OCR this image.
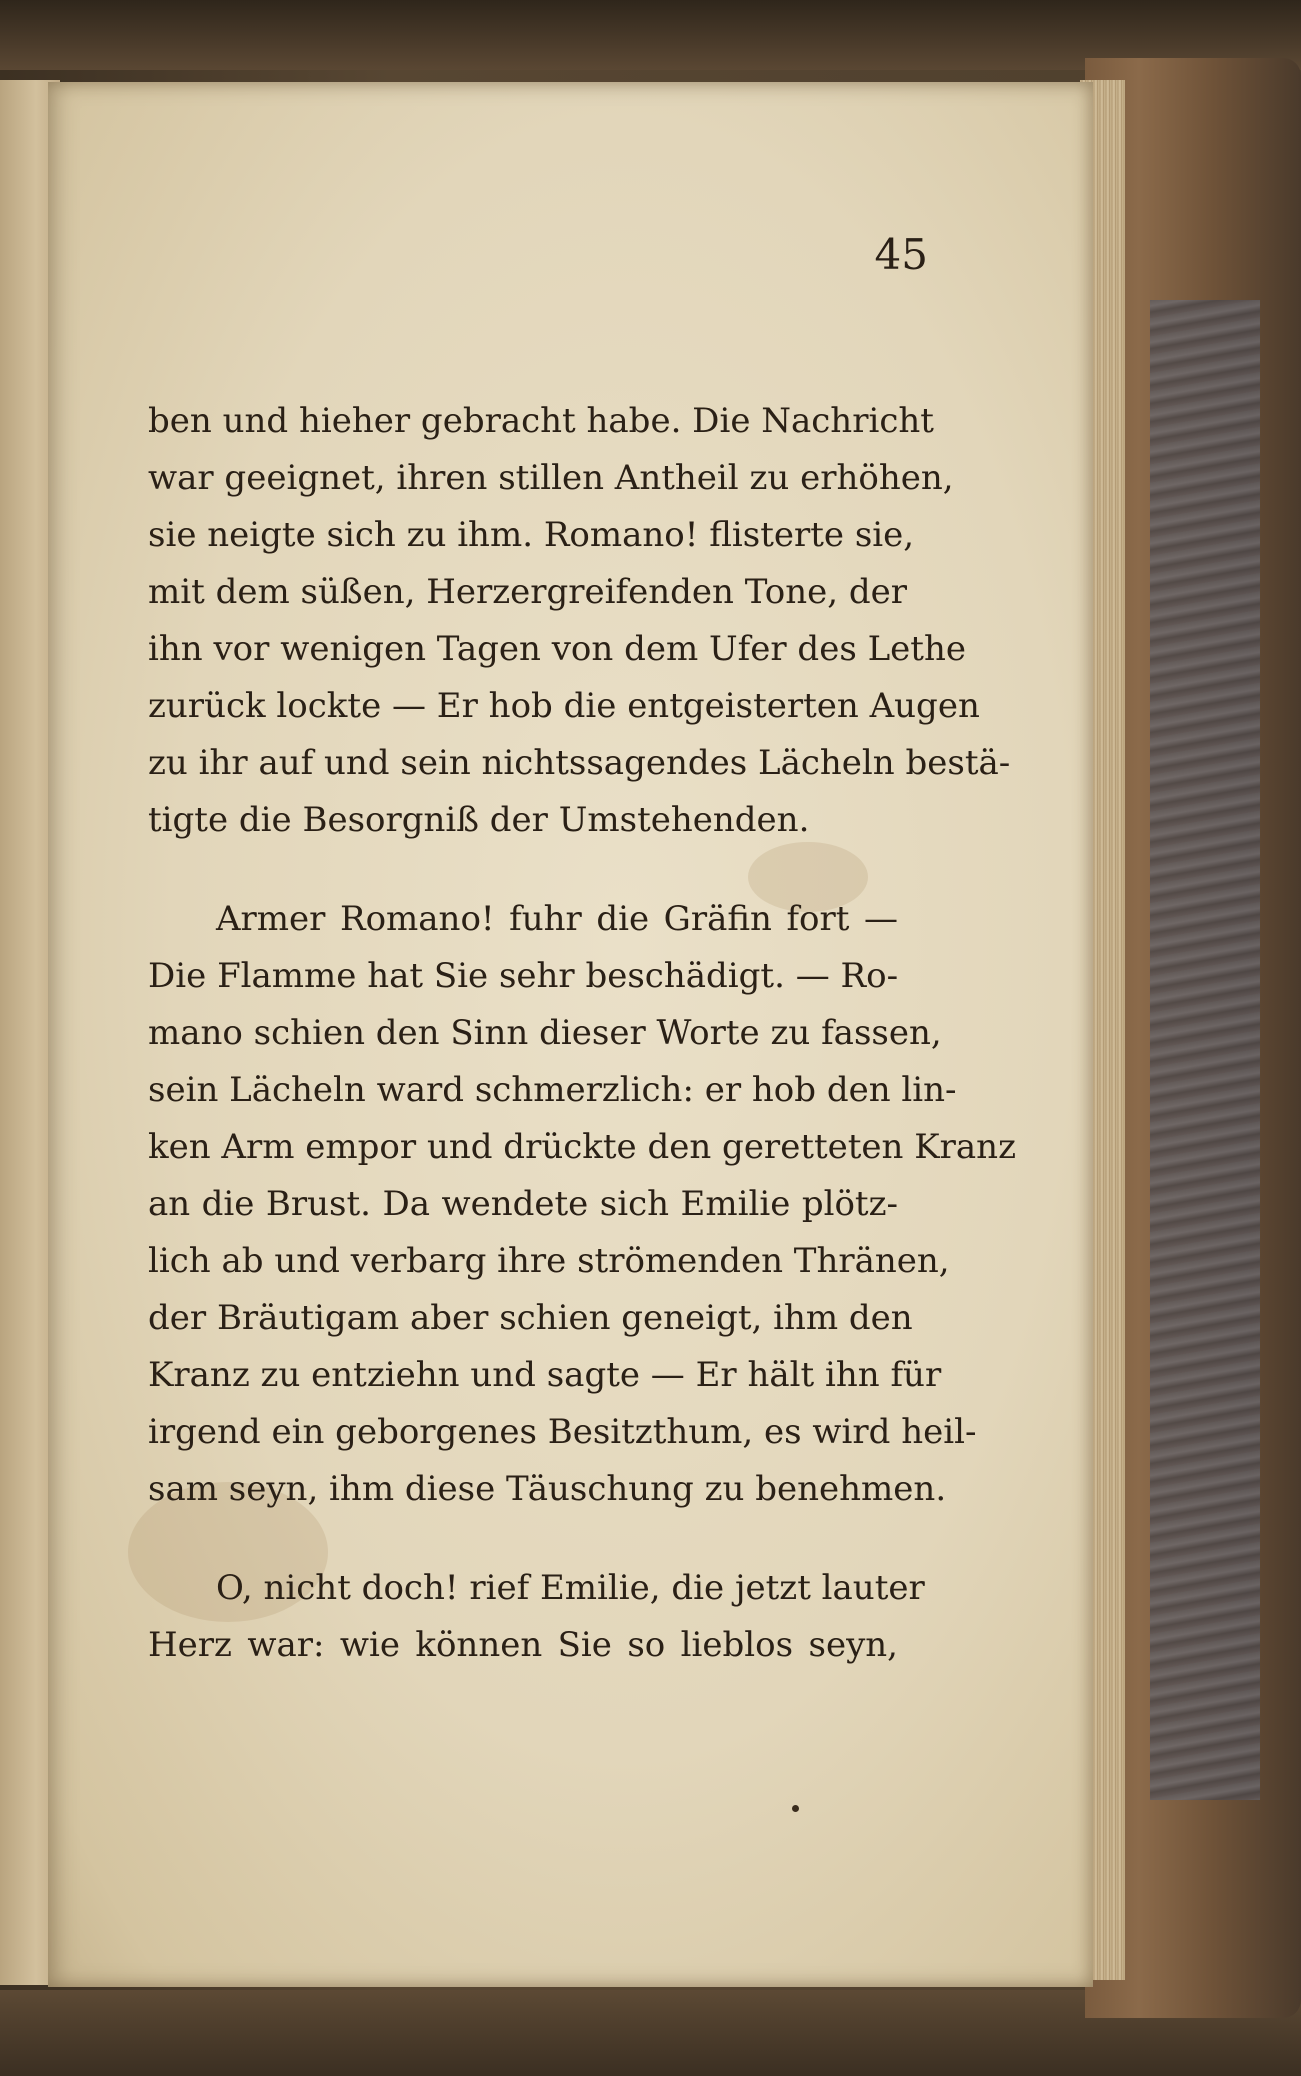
45
ben und hieher gebracht habe. Die Nachricht
war geeignet, ihren stillen Antheil zu erhöhen,
sie neigte sich zu ihm. Romano! flisterte sie,
mit dem süßen, Herzergreifenden Tone, der
ihn vor wenigen Tagen von dem Ufer des Lethe
zurück lockte — Er hob die entgeisterten Augen
zu ihr auf und sein nichtssagendes Lächeln bestä-
tigte die Besorgniß der Umstehenden.
Armer Romano! fuhr die Gräfin fort —
Die Flamme hat Sie sehr beschädigt. — Ro-
mano schien den Sinn dieser Worte zu fassen,
sein Lächeln ward schmerzlich: er hob den lin-
ken Arm empor und drückte den geretteten Kranz
an die Brust. Da wendete sich Emilie plötz-
lich ab und verbarg ihre strömenden Thränen,
der Bräutigam aber schien geneigt, ihm den
Kranz zu entziehn und sagte — Er hält ihn für
irgend ein geborgenes Besitzthum, es wird heil-
sam seyn, ihm diese Täuschung zu benehmen.
O, nicht doch! rief Emilie, die jetzt lauter
Herz war: wie können Sie so lieblos seyn,
